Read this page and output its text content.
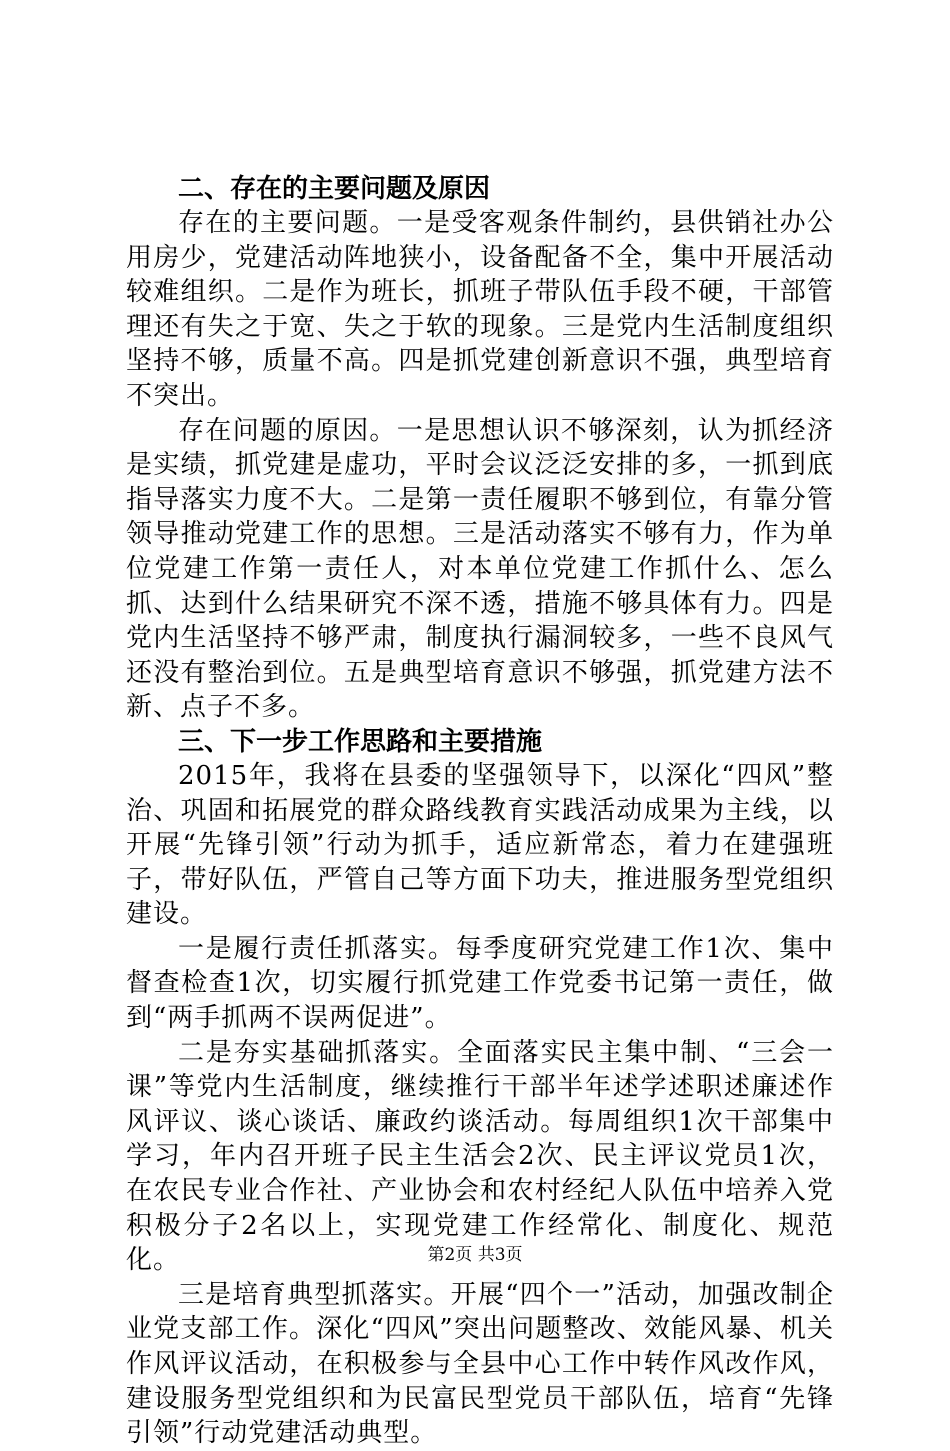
二、存在的主要问题及原因

存在的主要问题。一是受客观条件制约，县供销社办公用房少，党建活动阵地狭小，设备配备不全，集中开展活动较难组织。二是作为班长，抓班子带队伍手段不硬，干部管理还有失之于宽、失之于软的现象。三是党内生活制度组织坚持不够，质量不高。四是抓党建创新意识不强，典型培育不突出。

存在问题的原因。一是思想认识不够深刻，认为抓经济是实绩，抓党建是虚功，平时会议泛泛安排的多，一抓到底指导落实力度不大。二是第一责任履职不够到位，有靠分管领导推动党建工作的思想。三是活动落实不够有力，作为单位党建工作第一责任人，对本单位党建工作抓什么、怎么抓、达到什么结果研究不深不透，措施不够具体有力。四是党内生活坚持不够严肃，制度执行漏洞较多，一些不良风气还没有整治到位。五是典型培育意识不够强，抓党建方法不新、点子不多。

三、下一步工作思路和主要措施

2015年，我将在县委的坚强领导下，以深化“四风”整治、巩固和拓展党的群众路线教育实践活动成果为主线，以开展“先锋引领”行动为抓手，适应新常态，着力在建强班子，带好队伍，严管自己等方面下功夫，推进服务型党组织建设。

一是履行责任抓落实。每季度研究党建工作1次、集中督查检查1次，切实履行抓党建工作党委书记第一责任，做到“两手抓两不误两促进”。

二是夯实基础抓落实。全面落实民主集中制、“三会一课”等党内生活制度，继续推行干部半年述学述职述廉述作风评议、谈心谈话、廉政约谈活动。每周组织1次干部集中学习，年内召开班子民主生活会2次、民主评议党员1次，在农民专业合作社、产业协会和农村经纪人队伍中培养入党积极分子2名以上，实现党建工作经常化、制度化、规范化。

三是培育典型抓落实。开展“四个一”活动，加强改制企业党支部工作。深化“四风”突出问题整改、效能风暴、机关作风评议活动，在积极参与全县中心工作中转作风改作风，建设服务型党组织和为民富民型党员干部队伍，培育“先锋引领”行动党建活动典型。

第2页 共3页
